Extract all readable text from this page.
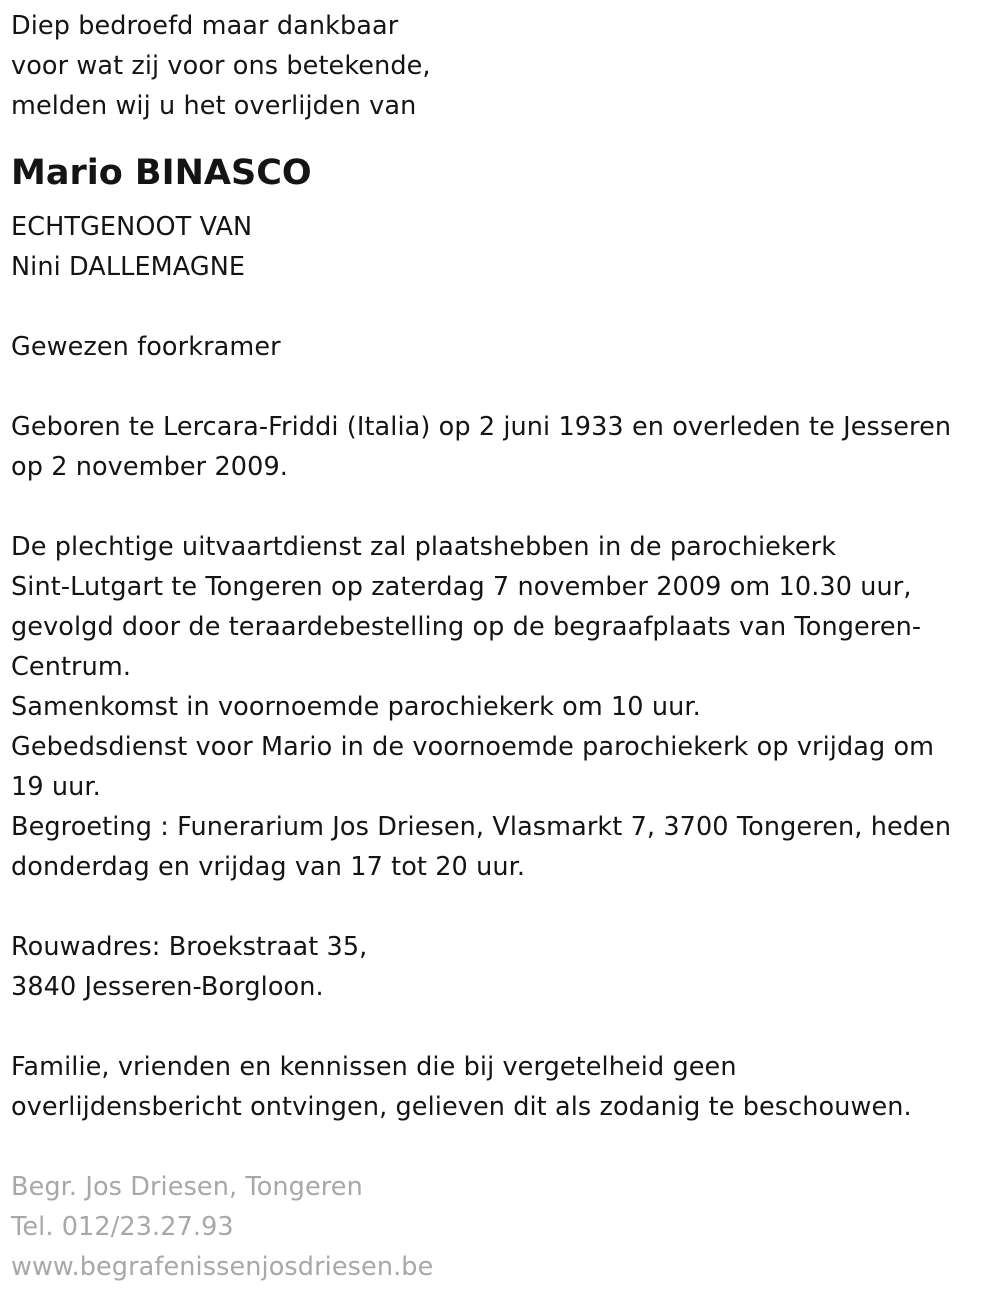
Diep bedroefd maar dankbaar
voor wat zij voor ons betekende,
melden wij u het overlijden van
Mario BINASCO
ECHTGENOOT VAN
Nini DALLEMAGNE
Gewezen foorkramer
Geboren te Lercara-Friddi (Italia) op 2 juni 1933 en overleden te Jesseren
op 2 november 2009.
De plechtige uitvaartdienst zal plaatshebben in de parochiekerk
Sint-Lutgart te Tongeren op zaterdag 7 november 2009 om 10.30 uur,
gevolgd door de teraardebestelling op de begraafplaats van Tongeren-
Centrum.
Samenkomst in voornoemde parochiekerk om 10 uur.
Gebedsdienst voor Mario in de voornoemde parochiekerk op vrijdag om
19 uur.
Begroeting : Funerarium Jos Driesen, Vlasmarkt 7, 3700 Tongeren, heden
donderdag en vrijdag van 17 tot 20 uur.
Rouwadres: Broekstraat 35,
3840 Jesseren-Borgloon.
Familie, vrienden en kennissen die bij vergetelheid geen
overlijdensbericht ontvingen, gelieven dit als zodanig te beschouwen.
Begr. Jos Driesen, Tongeren
Tel. 012/23.27.93
www.begrafenissenjosdriesen.be
